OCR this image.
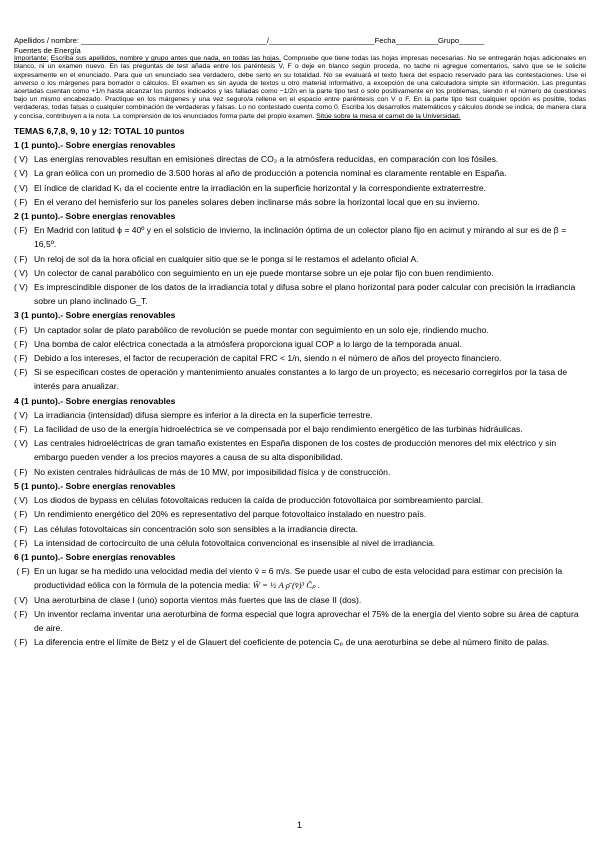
Apellidos / nombre: ____________________________________________/_________________________Fecha__________Grupo______
Fuentes de Energía
Importante: Escriba sus apellidos, nombre y grupo antes que nada, en todas las hojas. Compruebe que tiene todas las hojas impresas necesarias. No se entregarán hojas adicionales en blanco, ni un examen nuevo. En las preguntas de test añada entre los paréntesis V, F o deje en blanco según proceda, no tache ni agregue comentarios, salvo que se le solicite expresamente en el enunciado. Para que un enunciado sea verdadero, debe serlo en su totalidad. No se evaluará el texto fuera del espacio reservado para las contestaciones. Use el anverso o los márgenes para borrador o cálculos. El examen es sin ayuda de textos u otro material informativo, a excepción de una calculadora simple sin información. Las preguntas acertadas cuentan como +1/n hasta alcanzar los puntos indicados y las falladas como −1/2n en la parte tipo test o solo positivamente en los problemas, siendo n el número de cuestiones bajo un mismo encabezado. Practique en los márgenes y una vez seguro/a rellene en el espacio entre paréntesis con V o F. En la parte tipo test cualquier opción es posible, todas verdaderas, todas falsas o cualquier combinación de verdaderas y falsas. Lo no contestado cuenta como 0. Escriba los desarrollos matemáticos y cálculos donde se indica, de manera clara y concisa, contribuyen a la nota. La comprensión de los enunciados forma parte del propio examen. Sitúe sobre la mesa el carnet de la Universidad.
TEMAS 6,7,8, 9, 10 y 12: TOTAL 10 puntos
1 (1 punto).- Sobre energías renovables
( V) Las energías renovables resultan en emisiones directas de CO₂ a la atmósfera reducidas, en comparación con los fósiles.
( V) La gran eólica con un promedio de 3.500 horas al año de producción a potencia nominal es claramente rentable en España.
( V) El índice de claridad Kₜ da el cociente entre la irradiación en la superficie horizontal y la correspondiente extraterrestre.
( F) En el verano del hemisferio sur los paneles solares deben inclinarse más sobre la horizontal local que en su invierno.
2 (1 punto).- Sobre energías renovables
( F) En Madrid con latitud ϕ = 40º y en el solsticio de invierno, la inclinación óptima de un colector plano fijo en acimut y mirando al sur es de β = 16,5º.
( F) Un reloj de sol da la hora oficial en cualquier sitio que se le ponga si le restamos el adelanto oficial A.
( V) Un colector de canal parabólico con seguimiento en un eje puede montarse sobre un eje polar fijo con buen rendimiento.
( V) Es imprescindible disponer de los datos de la irradiancia total y difusa sobre el plano horizontal para poder calcular con precisión la irradiancia sobre un plano inclinado G_T.
3 (1 punto).- Sobre energías renovables
( F) Un captador solar de plato parabólico de revolución se puede montar con seguimiento en un solo eje, rindiendo mucho.
( F) Una bomba de calor eléctrica conectada a la atmósfera proporciona igual COP a lo largo de la temporada anual.
( F) Debido a los intereses, el factor de recuperación de capital FRC < 1/n, siendo n el número de años del proyecto financiero.
( F) Si se especifican costes de operación y mantenimiento anuales constantes a lo largo de un proyecto, es necesario corregirlos por la tasa de interés para anualizar.
4 (1 punto).- Sobre energías renovables
( V) La irradiancia (intensidad) difusa siempre es inferior a la directa en la superficie terrestre.
( F) La facilidad de uso de la energía hidroeléctrica se ve compensada por el bajo rendimiento energético de las turbinas hidráulicas.
( V) Las centrales hidroeléctricas de gran tamaño existentes en España disponen de los costes de producción menores del mix eléctrico y sin embargo pueden vender a los precios mayores a causa de su alta disponibilidad.
( F) No existen centrales hidráulicas de más de 10 MW, por imposibilidad física y de construcción.
5 (1 punto).- Sobre energías renovables
( V) Los diodos de bypass en células fotovoltaicas reducen la caída de producción fotovoltaica por sombreamiento parcial.
( F) Un rendimiento energético del 20% es representativo del parque fotovoltaico instalado en nuestro país.
( F) Las células fotovoltaicas sin concentración solo son sensibles a la irradiancia directa.
( F) La intensidad de cortocircuito de una célula fotovoltaica convencional es insensible al nivel de irradiancia.
6 (1 punto).- Sobre energías renovables
( F) En un lugar se ha medido una velocidad media del viento v̄ = 6 m/s. Se puede usar el cubo de esta velocidad para estimar con precisión la productividad eólica con la fórmula de la potencia media: W̄ = ½ A ρ̄ (v̄)³ C̄ₚ .
( V) Una aeroturbina de clase I (uno) soporta vientos más fuertes que las de clase II (dos).
( F) Un inventor reclama inventar una aeroturbina de forma especial que logra aprovechar el 75% de la energía del viento sobre su área de captura de aire.
( F) La diferencia entre el límite de Betz y el de Glauert del coeficiente de potencia Cₚ de una aeroturbina se debe al número finito de palas.
1
